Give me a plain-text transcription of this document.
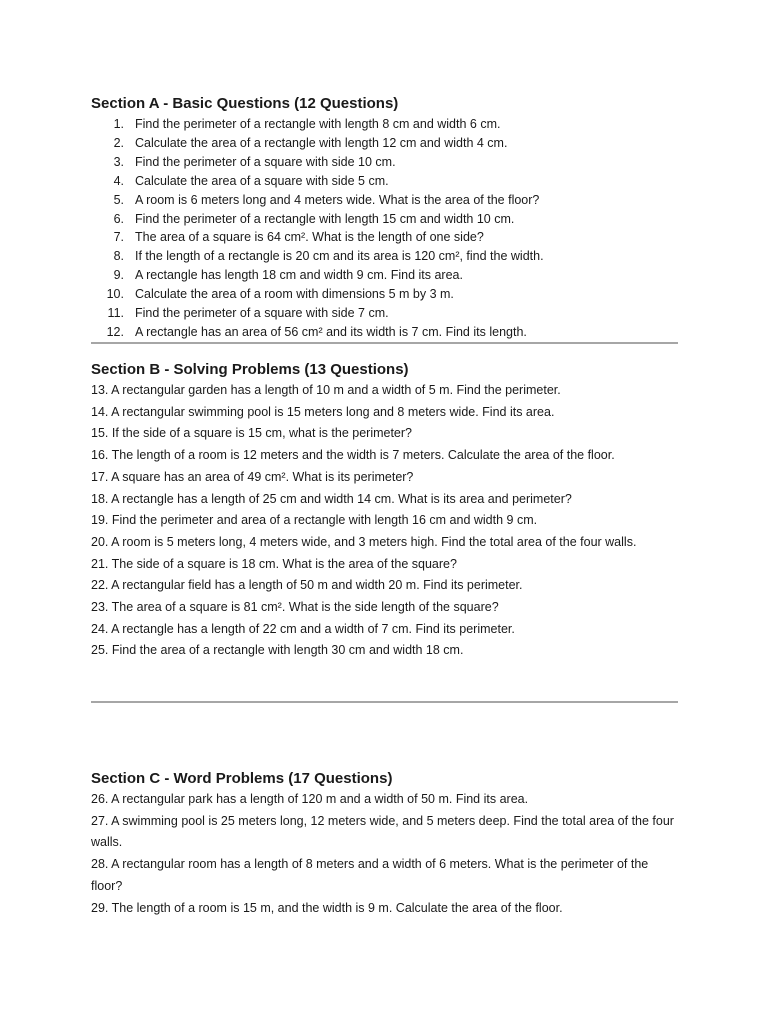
Section A - Basic Questions (12 Questions)
1. Find the perimeter of a rectangle with length 8 cm and width 6 cm.
2. Calculate the area of a rectangle with length 12 cm and width 4 cm.
3. Find the perimeter of a square with side 10 cm.
4. Calculate the area of a square with side 5 cm.
5. A room is 6 meters long and 4 meters wide. What is the area of the floor?
6. Find the perimeter of a rectangle with length 15 cm and width 10 cm.
7. The area of a square is 64 cm². What is the length of one side?
8. If the length of a rectangle is 20 cm and its area is 120 cm², find the width.
9. A rectangle has length 18 cm and width 9 cm. Find its area.
10. Calculate the area of a room with dimensions 5 m by 3 m.
11. Find the perimeter of a square with side 7 cm.
12. A rectangle has an area of 56 cm² and its width is 7 cm. Find its length.
Section B - Solving Problems (13 Questions)
13. A rectangular garden has a length of 10 m and a width of 5 m. Find the perimeter.
14. A rectangular swimming pool is 15 meters long and 8 meters wide. Find its area.
15. If the side of a square is 15 cm, what is the perimeter?
16. The length of a room is 12 meters and the width is 7 meters. Calculate the area of the floor.
17. A square has an area of 49 cm². What is its perimeter?
18. A rectangle has a length of 25 cm and width 14 cm. What is its area and perimeter?
19. Find the perimeter and area of a rectangle with length 16 cm and width 9 cm.
20. A room is 5 meters long, 4 meters wide, and 3 meters high. Find the total area of the four walls.
21. The side of a square is 18 cm. What is the area of the square?
22. A rectangular field has a length of 50 m and width 20 m. Find its perimeter.
23. The area of a square is 81 cm². What is the side length of the square?
24. A rectangle has a length of 22 cm and a width of 7 cm. Find its perimeter.
25. Find the area of a rectangle with length 30 cm and width 18 cm.
Section C - Word Problems (17 Questions)
26. A rectangular park has a length of 120 m and a width of 50 m. Find its area.
27. A swimming pool is 25 meters long, 12 meters wide, and 5 meters deep. Find the total area of the four walls.
28. A rectangular room has a length of 8 meters and a width of 6 meters. What is the perimeter of the floor?
29. The length of a room is 15 m, and the width is 9 m. Calculate the area of the floor.
